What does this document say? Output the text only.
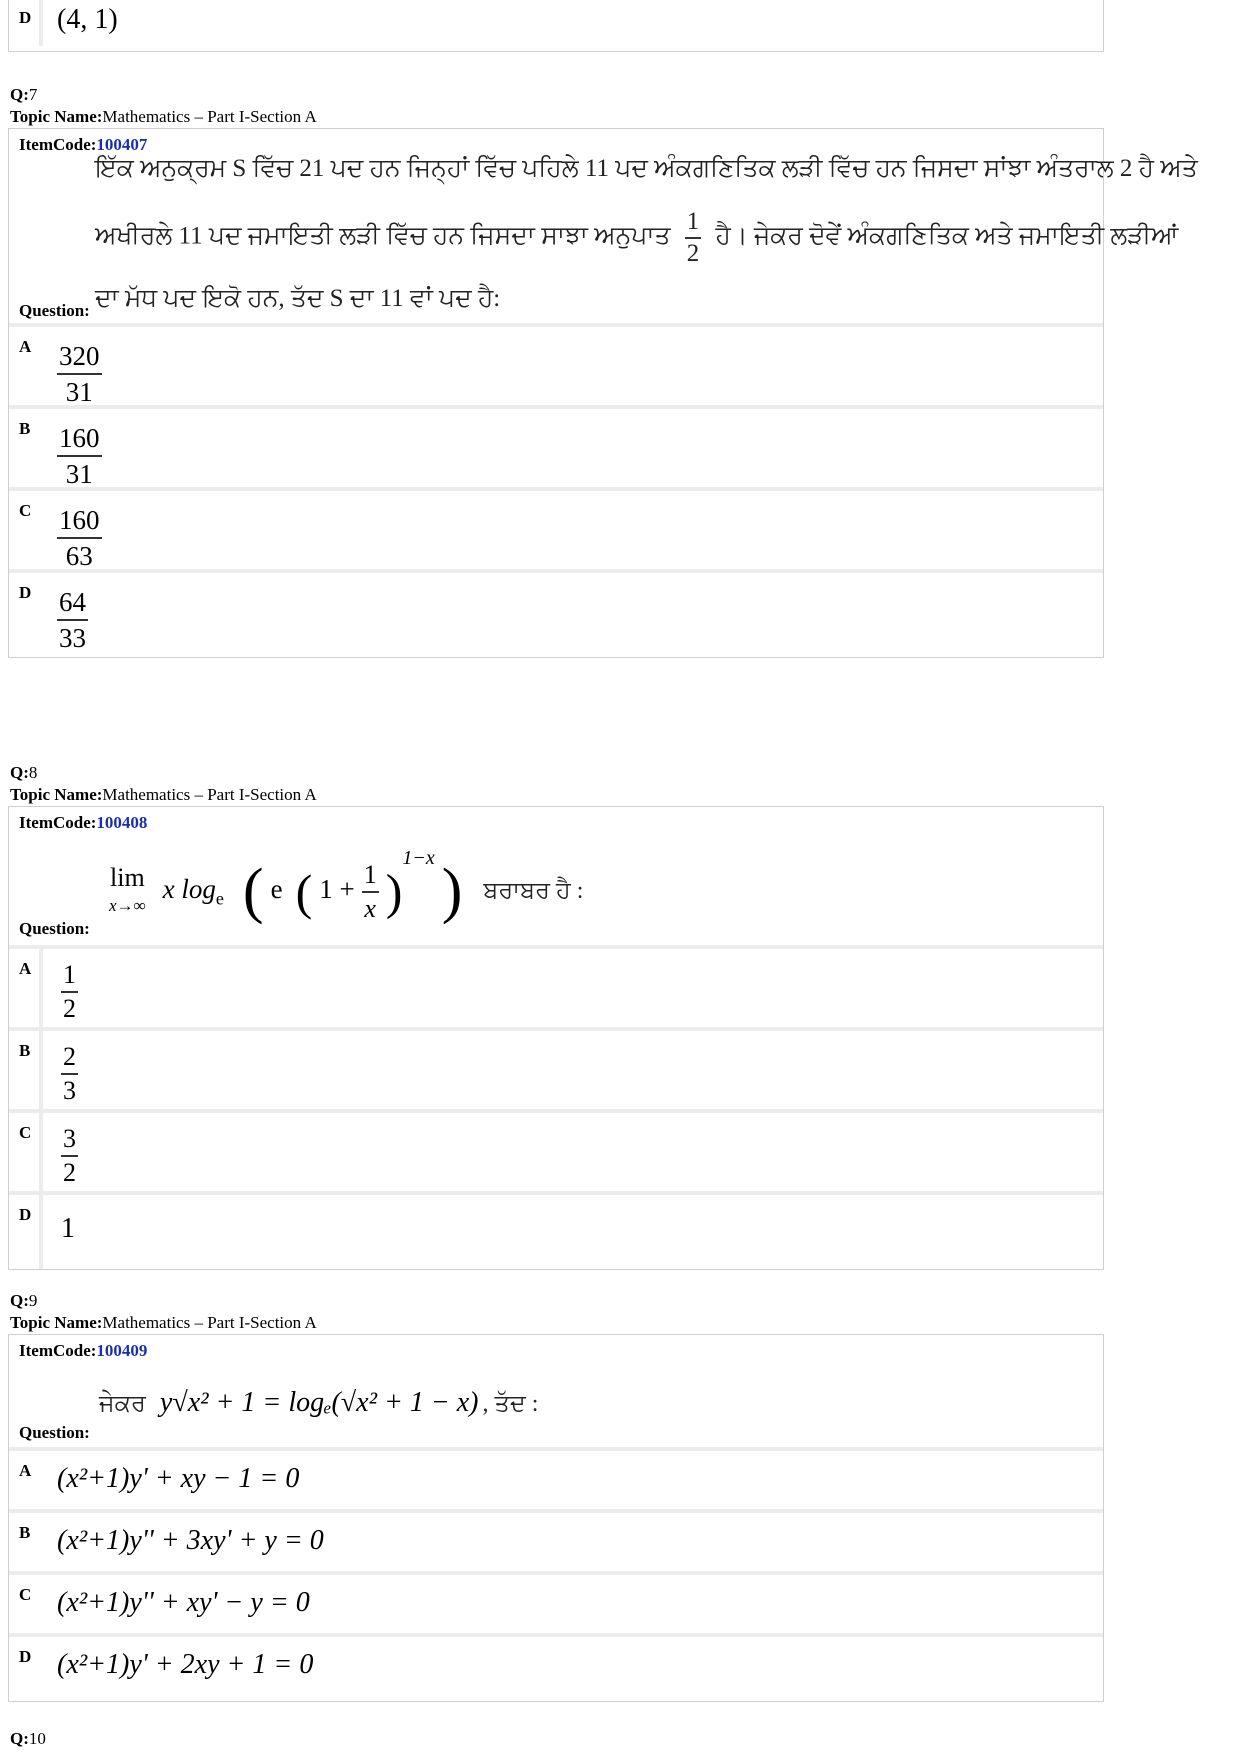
D (4, 1)
Q:7
Topic Name:Mathematics – Part I-Section A
ItemCode:100407
ਇੱਕ ਅਨੁਕ੍ਰਮ S ਵਿੱਚ 21 ਪਦ ਹਨ ਜਿਨ੍ਹਾਂ ਵਿੱਚ ਪਹਿਲੇ 11 ਪਦ ਅੰਕਗਣਿਤਿਕ ਲੜੀ ਵਿੱਚ ਹਨ ਜਿਸਦਾ ਸਾਂਝਾ ਅੰਤਰਾਲ 2 ਹੈ ਅਤੇ
ਅਖੀਰਲੇ 11 ਪਦ ਜਮਾਇਤੀ ਲੜੀ ਵਿੱਚ ਹਨ ਜਿਸਦਾ ਸਾਝਾ ਅਨੁਪਾਤ $\frac{1}{2}$ ਹੈ। ਜੇਕਰ ਦੋਵੇਂ ਅੰਕਗਣਿਤਿਕ ਅਤੇ ਜਮਾਇਤੀ ਲੜੀਆਂ
Question: ਦਾ ਮੱਧ ਪਦ ਇਕੋ ਹਨ, ਤੱਦ S ਦਾ 11 ਵਾਂ ਪਦ ਹੈ:
A $\frac{320}{31}$
B $\frac{160}{31}$
C $\frac{160}{63}$
D $\frac{64}{33}$
Q:8
Topic Name:Mathematics – Part I-Section A
ItemCode:100408
Question:
lim
x→∞
x $\log_e$ ( e ( $1 + \frac{1}{x} )^{1-x}$ ) ਬਰਾਬਰ ਹੈ :
A $\frac{1}{2}$
B $\frac{2}{3}$
C $\frac{3}{2}$
D 1
Q:9
Topic Name:Mathematics – Part I-Section A
ItemCode:100409
Question:
ਜੇਕਰ y√x² + 1 = logₑ(√x² + 1 − x) , ਤੱਦ :
A (x²+1)y' + xy − 1 = 0
B (x²+1)y'' + 3xy' + y = 0
C (x²+1)y'' + xy' − y = 0
D (x²+1)y' + 2xy + 1 = 0
Q:10
